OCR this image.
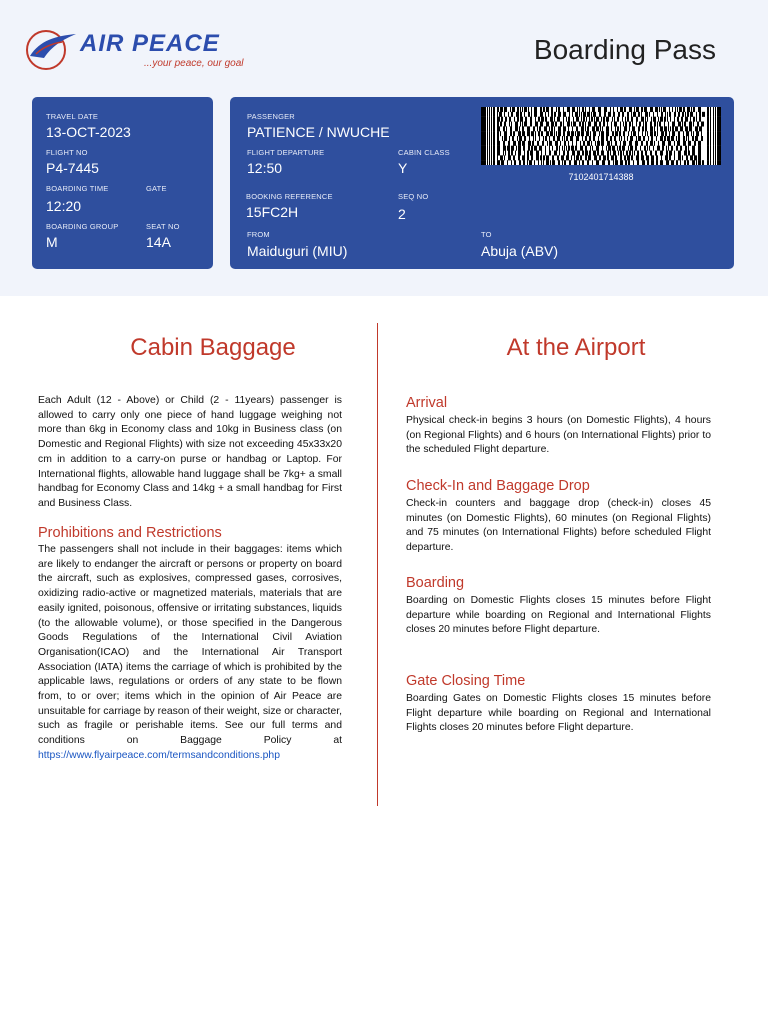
AIR PEACE
...your peace, our goal	Boarding Pass
TRAVEL DATE
13-OCT-2023
FLIGHT NO
P4-7445
BOARDING TIME
12:20
GATE
BOARDING GROUP
M
SEAT NO
14A
PASSENGER
PATIENCE / NWUCHE
FLIGHT DEPARTURE
12:50
CABIN CLASS
Y
BOOKING REFERENCE
15FC2H
SEQ NO
2
FROM
Maiduguri (MIU)
TO
Abuja (ABV)
7102401714388
Cabin Baggage
Each Adult (12 - Above) or Child (2 - 11years) passenger is allowed to carry only one piece of hand luggage weighing not more than 6kg in Economy class and 10kg in Business class (on Domestic and Regional Flights) with size not exceeding 45x33x20 cm in addition to a carry-on purse or handbag or Laptop. For International flights, allowable hand luggage shall be 7kg+ a small handbag for Economy Class and 14kg + a small handbag for First and Business Class.
Prohibitions and Restrictions
The passengers shall not include in their baggages: items which are likely to endanger the aircraft or persons or property on board the aircraft, such as explosives, compressed gases, corrosives, oxidizing radio-active or magnetized materials, materials that are easily ignited, poisonous, offensive or irritating substances, liquids (to the allowable volume), or those specified in the Dangerous Goods Regulations of the International Civil Aviation Organisation(ICAO) and the International Air Transport Association (IATA) items the carriage of which is prohibited by the applicable laws, regulations or orders of any state to be flown from, to or over; items which in the opinion of Air Peace are unsuitable for carriage by reason of their weight, size or character, such as fragile or perishable items. See our full terms and conditions on Baggage Policy at https://www.flyairpeace.com/termsandconditions.php
At the Airport
Arrival
Physical check-in begins 3 hours (on Domestic Flights), 4 hours (on Regional Flights) and 6 hours (on International Flights) prior to the scheduled Flight departure.
Check-In and Baggage Drop
Check-in counters and baggage drop (check-in) closes 45 minutes (on Domestic Flights), 60 minutes (on Regional Flights) and 75 minutes (on International Flights) before scheduled Flight departure.
Boarding
Boarding on Domestic Flights closes 15 minutes before Flight departure while boarding on Regional and International Flights closes 20 minutes before Flight departure.
Gate Closing Time
Boarding Gates on Domestic Flights closes 15 minutes before Flight departure while boarding on Regional and International Flights closes 20 minutes before Flight departure.
